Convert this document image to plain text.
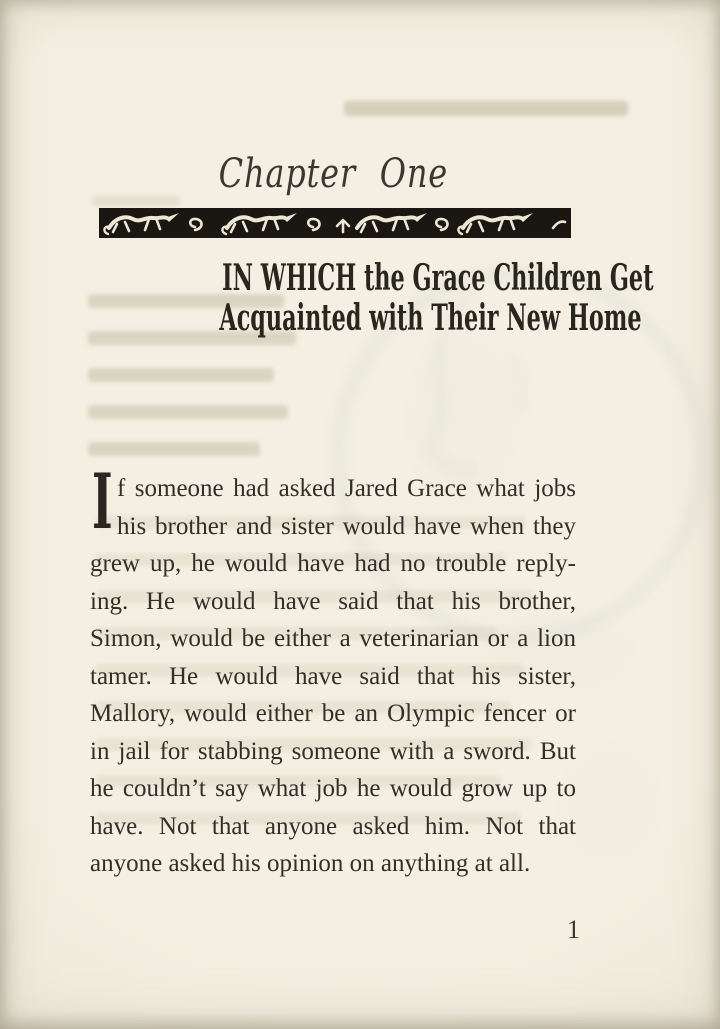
Chapter One
IN WHICH the Grace Children Get
Acquainted with Their New Home
I f someone had asked Jared Grace what jobs
his brother and sister would have when they
grew up, he would have had no trouble reply-
ing. He would have said that his brother,
Simon, would be either a veterinarian or a lion
tamer. He would have said that his sister,
Mallory, would either be an Olympic fencer or
in jail for stabbing someone with a sword. But
he couldn’t say what job he would grow up to
have. Not that anyone asked him. Not that
anyone asked his opinion on anything at all.
1
